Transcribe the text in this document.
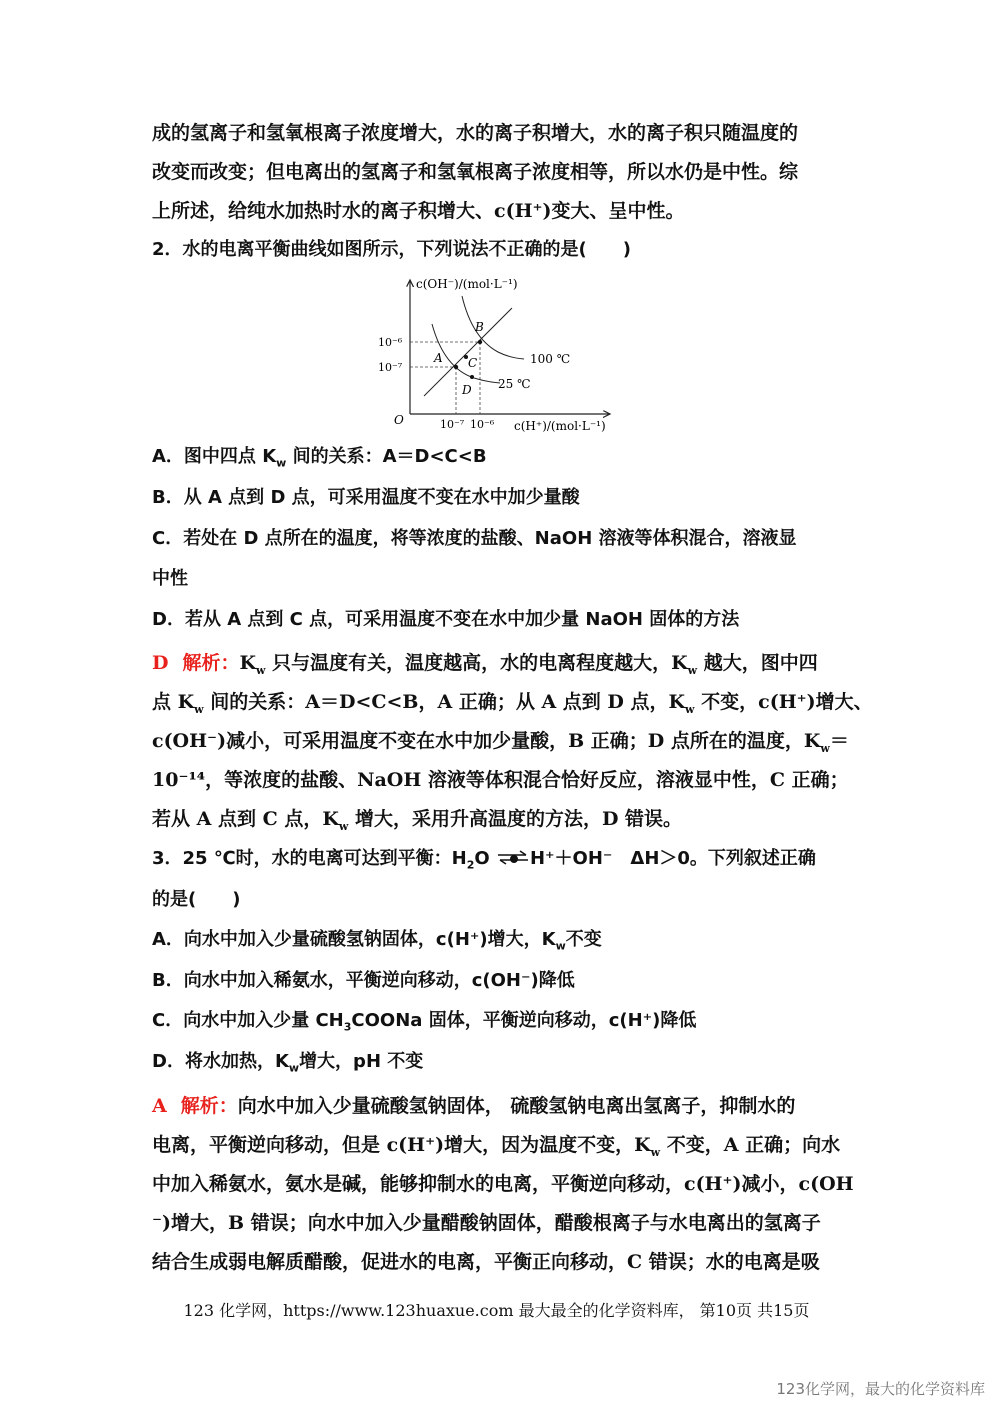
成的氢离子和氢氧根离子浓度增大，水的离子积增大，水的离子积只随温度的
改变而改变；但电离出的氢离子和氢氧根离子浓度相等，所以水仍是中性。综
上所述，给纯水加热时水的离子积增大、c(H⁺)变大、呈中性。
2．水的电离平衡曲线如图所示，下列说法不正确的是(　　)
c(OH⁻)/(mol·L⁻¹)
c(H⁺)/(mol·L⁻¹)
O
10⁻⁶
10⁻⁷
10⁻⁷ 10⁻⁶
100 ℃
25 ℃
A
B
C
D
A．图中四点 $K_w$ 间的关系：A＝D<C<B
B．从 A 点到 D 点，可采用温度不变在水中加少量酸
C．若处在 D 点所在的温度，将等浓度的盐酸、NaOH 溶液等体积混合，溶液显
中性
D．若从 A 点到 C 点，可采用温度不变在水中加少量 NaOH 固体的方法
D 解析：$K_w$ 只与温度有关，温度越高，水的电离程度越大，$K_w$ 越大，图中四
点 $K_w$ 间的关系：A＝D<C<B，A 正确；从 A 点到 D 点，$K_w$ 不变，c(H⁺)增大、
c(OH⁻)减小，可采用温度不变在水中加少量酸，B 正确；D 点所在的温度，$K_w=$
10⁻¹⁴，等浓度的盐酸、NaOH 溶液等体积混合恰好反应，溶液显中性，C 正确；
若从 A 点到 C 点，$K_w$ 增大，采用升高温度的方法，D 错误。
3．25 ℃时，水的电离可达到平衡：$H_2O$ ⇌H⁺＋OH⁻　ΔH＞0。下列叙述正确
的是(　　)
A．向水中加入少量硫酸氢钠固体，c(H⁺)增大，$K_w$不变
B．向水中加入稀氨水，平衡逆向移动，c(OH⁻)降低
C．向水中加入少量 $CH_3COONa$ 固体，平衡逆向移动，c(H⁺)降低
D．将水加热，$K_w$增大，pH 不变
A 解析：向水中加入少量硫酸氢钠固体， 硫酸氢钠电离出氢离子，抑制水的
电离，平衡逆向移动，但是 c(H⁺)增大，因为温度不变，$K_w$ 不变，A 正确；向水
中加入稀氨水，氨水是碱，能够抑制水的电离，平衡逆向移动，c(H⁺)减小，c(OH
⁻)增大，B 错误；向水中加入少量醋酸钠固体，醋酸根离子与水电离出的氢离子
结合生成弱电解质醋酸，促进水的电离，平衡正向移动，C 错误；水的电离是吸
123 化学网，https://www.123huaxue.com 最大最全的化学资料库， 第10页 共15页
123化学网，最大的化学资料库
